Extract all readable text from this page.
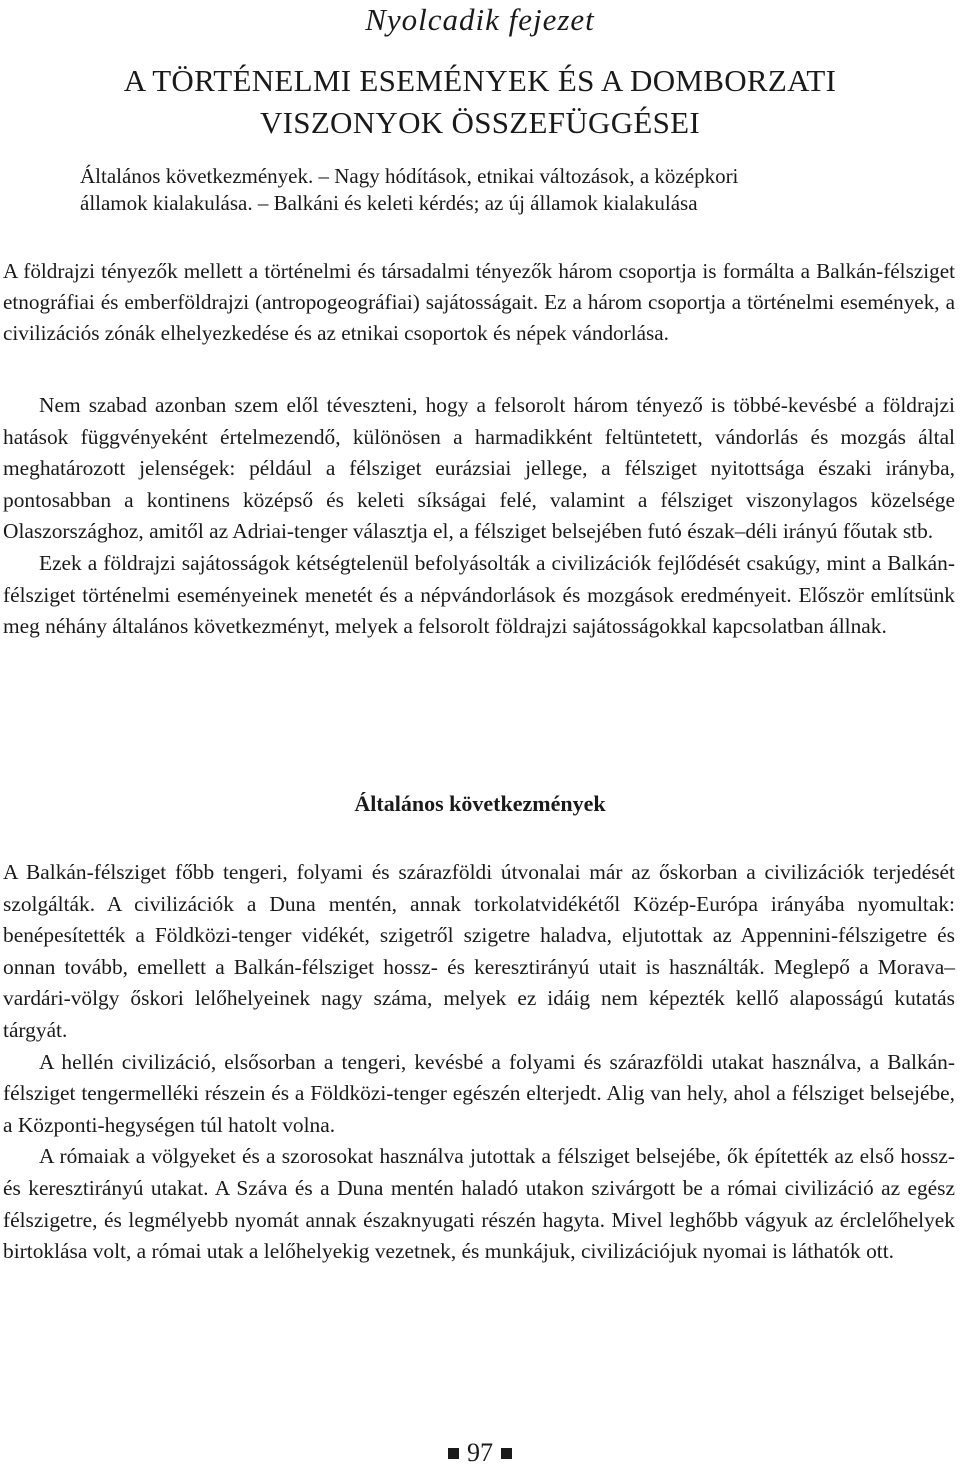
Nyolcadik fejezet
A TÖRTÉNELMI ESEMÉNYEK ÉS A DOMBORZATI
VISZONYOK ÖSSZEFÜGGÉSEI
Általános következmények. – Nagy hódítások, etnikai változások, a középkori
államok kialakulása. – Balkáni és keleti kérdés; az új államok kialakulása

A földrajzi tényezők mellett a történelmi és társadalmi tényezők három csoportja is formálta a Balkán-félsziget etnográfiai és emberföldrajzi (antropogeográfiai) sajátosságait. Ez a három csoportja a történelmi események, a civilizációs zónák elhelyezkedése és az etnikai csoportok és népek vándorlása.

Nem szabad azonban szem elől téveszteni, hogy a felsorolt három tényező is többé-kevésbé a földrajzi hatások függvényeként értelmezendő, különösen a harmadikként feltüntetett, vándorlás és mozgás által meghatározott jelenségek: például a félsziget eurázsiai jellege, a félsziget nyitottsága északi irányba, pontosabban a kontinens középső és keleti síkságai felé, valamint a félsziget viszonylagos közelsége Olaszországhoz, amitől az Adriai-tenger választja el, a félsziget belsejében futó észak–déli irányú főutak stb.

Ezek a földrajzi sajátosságok kétségtelenül befolyásolták a civilizációk fejlődését csakúgy, mint a Balkán-félsziget történelmi eseményeinek menetét és a népvándorlások és mozgások eredményeit. Először említsünk meg néhány általános következményt, melyek a felsorolt földrajzi sajátosságokkal kapcsolatban állnak.

Általános következmények

A Balkán-félsziget főbb tengeri, folyami és szárazföldi útvonalai már az őskorban a civilizációk terjedését szolgálták. A civilizációk a Duna mentén, annak torkolatvidékétől Közép-Európa irányába nyomultak: benépesítették a Földközi-tenger vidékét, szigetről szigetre haladva, eljutottak az Appennini-félszigetre és onnan tovább, emellett a Balkán-félsziget hossz- és keresztirányú utait is használták. Meglepő a Morava–vardári-völgy őskori lelőhelyeinek nagy száma, melyek ez idáig nem képezték kellő alaposságú kutatás tárgyát.

A hellén civilizáció, elsősorban a tengeri, kevésbé a folyami és szárazföldi utakat használva, a Balkán-félsziget tengermelléki részein és a Földközi-tenger egészén elterjedt. Alig van hely, ahol a félsziget belsejébe, a Központi-hegységen túl hatolt volna.

A rómaiak a völgyeket és a szorosokat használva jutottak a félsziget belsejébe, ők építették az első hossz- és keresztirányú utakat. A Száva és a Duna mentén haladó utakon szivárgott be a római civilizáció az egész félszigetre, és legmélyebb nyomát annak északnyugati részén hagyta. Mivel leghőbb vágyuk az érclelőhelyek birtoklása volt, a római utak a lelőhelyekig vezetnek, és munkájuk, civilizációjuk nyomai is láthatók ott.

97
